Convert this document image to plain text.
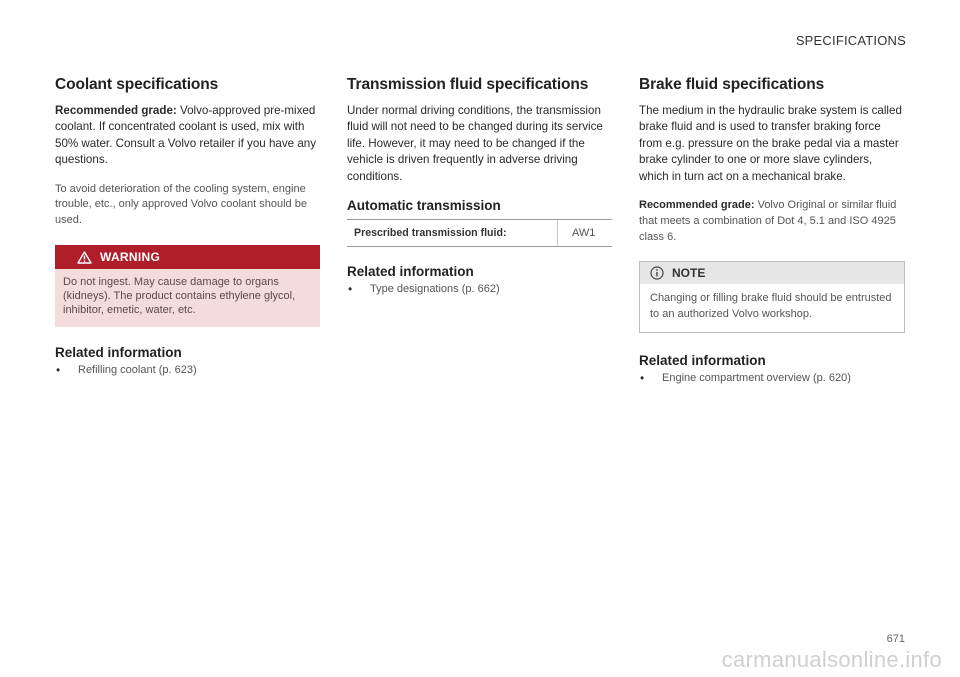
SPECIFICATIONS
Coolant specifications

Recommended grade: Volvo-approved pre-mixed coolant. If concentrated coolant is used, mix with 50% water. Consult a Volvo retailer if you have any questions.

To avoid deterioration of the cooling system, engine trouble, etc., only approved Volvo coolant should be used.

WARNING
Do not ingest. May cause damage to organs (kidneys). The product contains ethylene glycol, inhibitor, emetic, water, etc.
Related information
• Refilling coolant (p. 623)
Transmission fluid specifications

Under normal driving conditions, the transmission fluid will not need to be changed during its service life. However, it may need to be changed if the vehicle is driven frequently in adverse driving conditions.

Automatic transmission
Prescribed transmission fluid:	AW1
Related information
• Type designations (p. 662)
Brake fluid specifications

The medium in the hydraulic brake system is called brake fluid and is used to transfer braking force from e.g. pressure on the brake pedal via a master brake cylinder to one or more slave cylinders, which in turn act on a mechanical brake.

Recommended grade: Volvo Original or similar fluid that meets a combination of Dot 4, 5.1 and ISO 4925 class 6.

NOTE
Changing or filling brake fluid should be entrusted to an authorized Volvo workshop.
Related information
• Engine compartment overview (p. 620)
671
carmanualsonline.info
